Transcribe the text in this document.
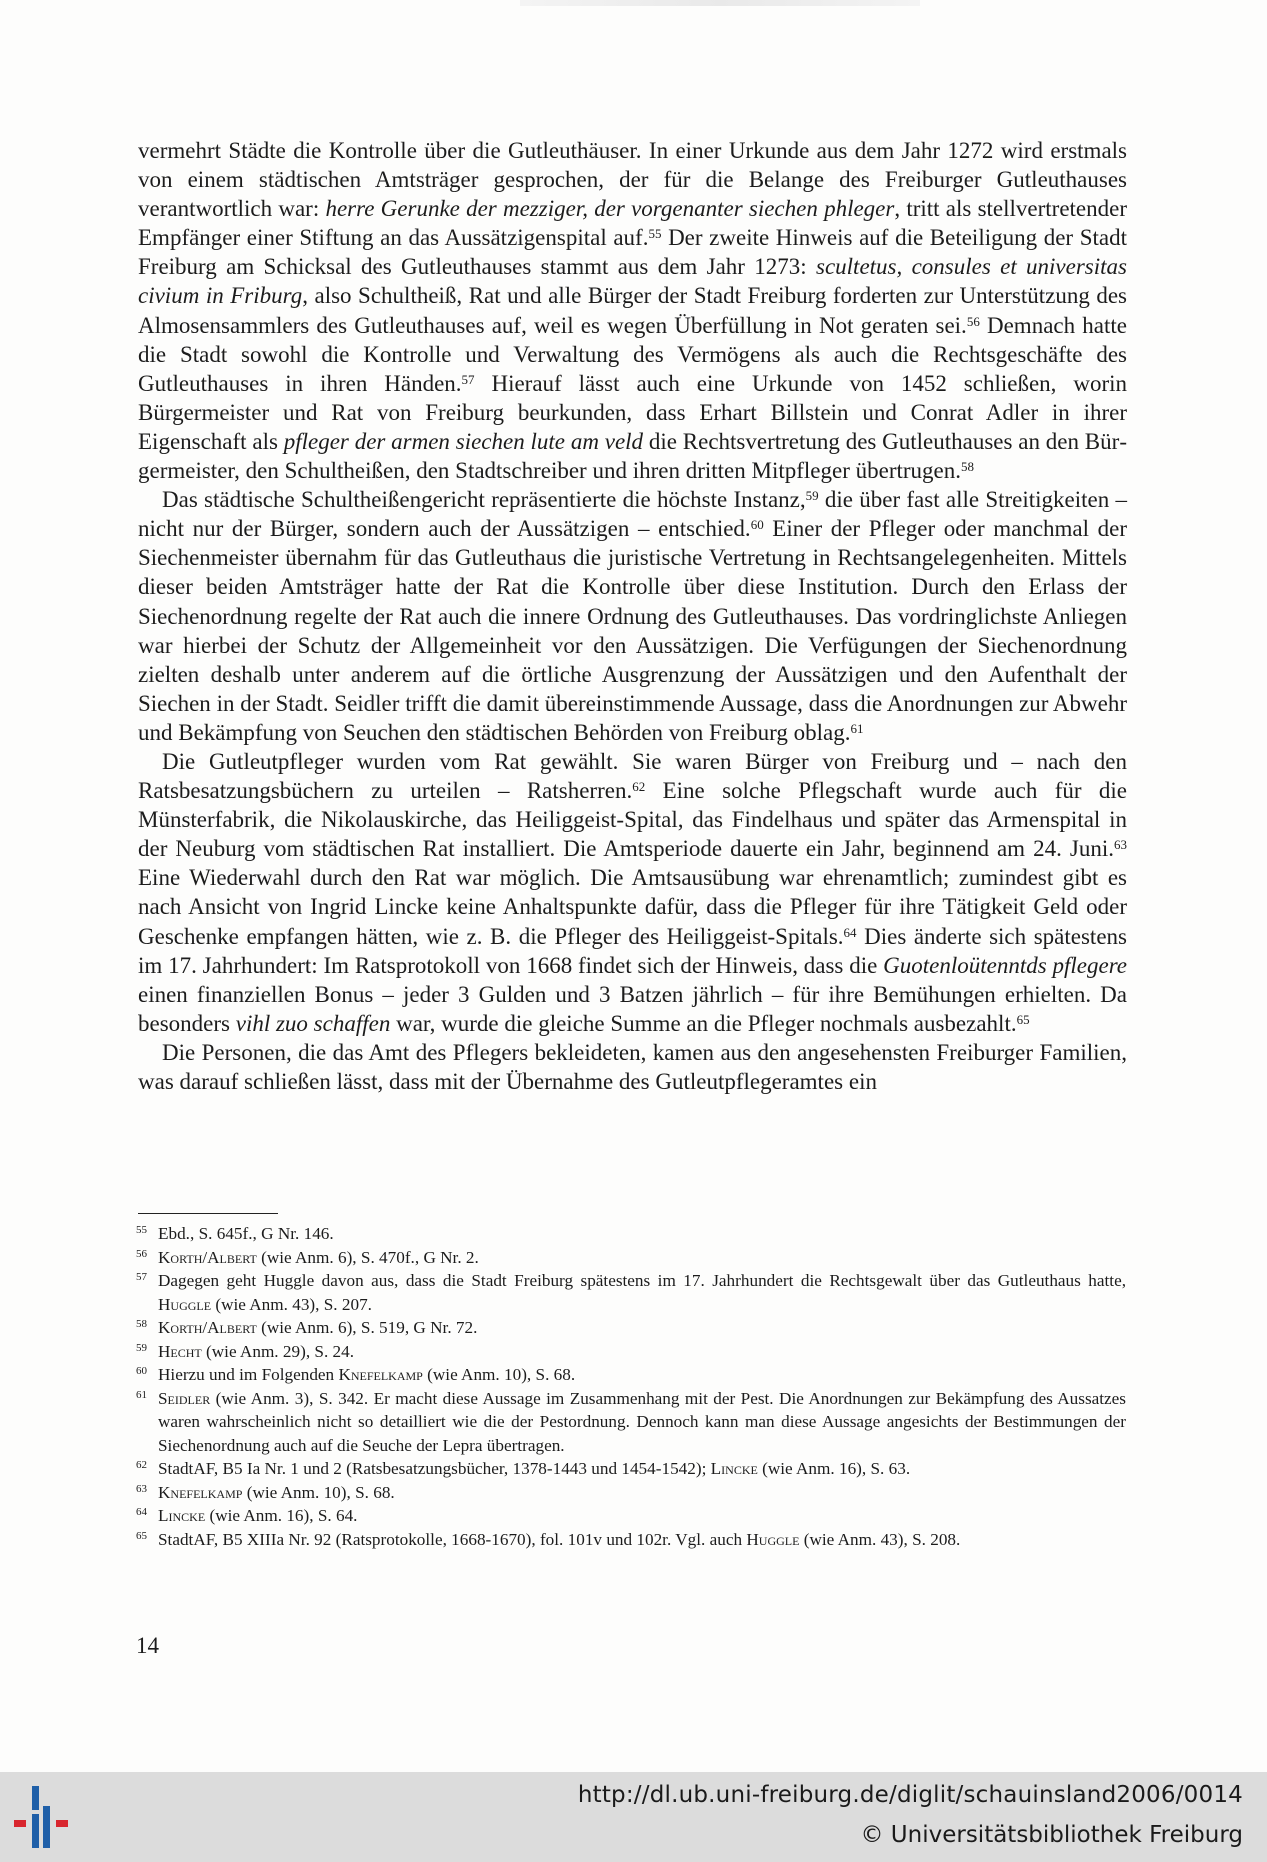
vermehrt Städte die Kontrolle über die Gutleuthäuser. In einer Urkunde aus dem Jahr 1272 wird erstmals von einem städtischen Amtsträger gesprochen, der für die Belange des Freiburger Gutleuthauses verantwortlich war: herre Gerunke der mezziger, der vorgenanter siechen phleger, tritt als stellvertretender Empfänger einer Stiftung an das Aussätzigenspital auf.$^{55}$ Der zweite Hinweis auf die Beteiligung der Stadt Freiburg am Schicksal des Gutleuthauses stammt aus dem Jahr 1273: scultetus, consules et universitas civium in Friburg, also Schultheiß, Rat und alle Bürger der Stadt Freiburg forderten zur Unterstützung des Almosensammlers des Gutleuthauses auf, weil es wegen Überfüllung in Not geraten sei.$^{56}$ Demnach hatte die Stadt sowohl die Kontrolle und Verwaltung des Vermögens als auch die Rechtsgeschäfte des Gutleuthauses in ihren Händen.$^{57}$ Hierauf lässt auch eine Urkunde von 1452 schließen, worin Bürgermeister und Rat von Freiburg beurkunden, dass Erhart Billstein und Conrat Adler in ihrer Eigenschaft als pfleger der armen siechen lute am veld die Rechtsvertretung des Gutleuthauses an den Bürgermeister, den Schultheißen, den Stadtschreiber und ihren dritten Mitpfleger übertrugen.$^{58}$

Das städtische Schultheißengericht repräsentierte die höchste Instanz,$^{59}$ die über fast alle Streitigkeiten – nicht nur der Bürger, sondern auch der Aussätzigen – entschied.$^{60}$ Einer der Pfleger oder manchmal der Siechenmeister übernahm für das Gutleuthaus die juristische Vertretung in Rechtsangelegenheiten. Mittels dieser beiden Amtsträger hatte der Rat die Kontrolle über diese Institution. Durch den Erlass der Siechenordnung regelte der Rat auch die innere Ordnung des Gutleuthauses. Das vordringlichste Anliegen war hierbei der Schutz der Allgemeinheit vor den Aussätzigen. Die Verfügungen der Siechenordnung zielten deshalb unter anderem auf die örtliche Ausgrenzung der Aussätzigen und den Aufenthalt der Siechen in der Stadt. Seidler trifft die damit übereinstimmende Aussage, dass die Anordnungen zur Abwehr und Bekämpfung von Seuchen den städtischen Behörden von Freiburg oblag.$^{61}$

Die Gutleutpfleger wurden vom Rat gewählt. Sie waren Bürger von Freiburg und – nach den Ratsbesatzungsbüchern zu urteilen – Ratsherren.$^{62}$ Eine solche Pflegschaft wurde auch für die Münsterfabrik, die Nikolauskirche, das Heiliggeist-Spital, das Findelhaus und später das Armenspital in der Neuburg vom städtischen Rat installiert. Die Amtsperiode dauerte ein Jahr, beginnend am 24. Juni.$^{63}$ Eine Wiederwahl durch den Rat war möglich. Die Amtsausübung war ehrenamtlich; zumindest gibt es nach Ansicht von Ingrid Lincke keine Anhaltspunkte dafür, dass die Pfleger für ihre Tätigkeit Geld oder Geschenke empfangen hätten, wie z. B. die Pfleger des Heiliggeist-Spitals.$^{64}$ Dies änderte sich spätestens im 17. Jahrhundert: Im Ratsprotokoll von 1668 findet sich der Hinweis, dass die Guotenloütenntds pflegere einen finanziellen Bonus – jeder 3 Gulden und 3 Batzen jährlich – für ihre Bemühungen erhielten. Da besonders vihl zuo schaffen war, wurde die gleiche Summe an die Pfleger nochmals ausbezahlt.$^{65}$

Die Personen, die das Amt des Pflegers bekleideten, kamen aus den angesehensten Freiburger Familien, was darauf schließen lässt, dass mit der Übernahme des Gutleutpflegeramtes ein

55 Ebd., S. 645f., G Nr. 146.
56 Korth/Albert (wie Anm. 6), S. 470f., G Nr. 2.
57 Dagegen geht Huggle davon aus, dass die Stadt Freiburg spätestens im 17. Jahrhundert die Rechtsgewalt über das Gutleuthaus hatte, Huggle (wie Anm. 43), S. 207.
58 Korth/Albert (wie Anm. 6), S. 519, G Nr. 72.
59 Hecht (wie Anm. 29), S. 24.
60 Hierzu und im Folgenden Knefelkamp (wie Anm. 10), S. 68.
61 Seidler (wie Anm. 3), S. 342. Er macht diese Aussage im Zusammenhang mit der Pest. Die Anordnungen zur Bekämpfung des Aussatzes waren wahrscheinlich nicht so detailliert wie die der Pestordnung. Dennoch kann man diese Aussage angesichts der Bestimmungen der Siechenordnung auch auf die Seuche der Lepra übertragen.
62 StadtAF, B5 Ia Nr. 1 und 2 (Ratsbesatzungsbücher, 1378-1443 und 1454-1542); Lincke (wie Anm. 16), S. 63.
63 Knefelkamp (wie Anm. 10), S. 68.
64 Lincke (wie Anm. 16), S. 64.
65 StadtAF, B5 XIIIa Nr. 92 (Ratsprotokolle, 1668-1670), fol. 101v und 102r. Vgl. auch Huggle (wie Anm. 43), S. 208.
14
http://dl.ub.uni-freiburg.de/diglit/schauinsland2006/0014
© Universitätsbibliothek Freiburg
